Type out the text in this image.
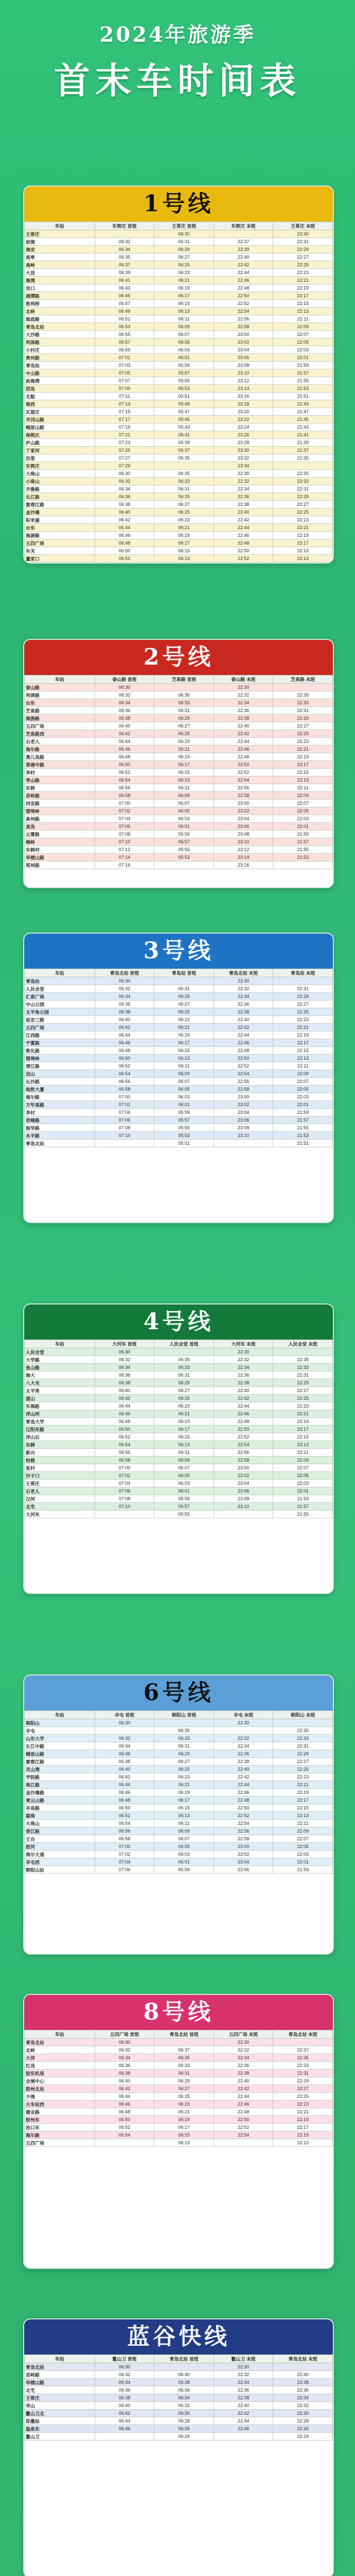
2024年旅游季
首末车时间表
1号线
车站	东郭庄 首班	王哥庄 首班	东郭庄 末班	王哥庄 末班
王哥庄		06:30		22:30
前海	06:32	06:31	22:37	22:31
海安	06:34	06:29	22:39	22:29
流亭	06:35	06:27	22:40	22:27
南岭	06:37	06:25	22:42	22:25
大洼	06:39	06:23	22:44	22:23
海湾	06:41	06:21	22:46	22:21
沧口	06:43	06:19	22:48	22:19
湘潭路	06:45	06:17	22:50	22:17
胜利桥	06:47	06:15	22:52	22:15
北岭	06:49	06:13	22:54	22:13
瑞昌路	06:51	06:11	22:56	22:11
青岛北站	06:53	06:09	22:58	22:09
大沙路	06:55	06:07	23:00	22:07
利津路	06:57	06:05	23:02	22:05
小村庄	06:59	06:03	23:04	22:03
贵州路	07:01	06:01	23:06	22:01
青岛站	07:03	05:59	23:08	21:59
中山路	07:05	05:57	23:10	21:57
前海湾	07:07	05:55	23:12	21:55
团岛	07:09	05:53	23:14	21:53
北船	07:11	05:51	23:16	21:51
海西	07:13	05:49	23:18	21:49
瓦屋庄	07:15	05:47	23:20	21:47
井冈山路	07:17	05:45	23:22	21:45
峨眉山路	07:19	05:43	23:24	21:43
保税区	07:21	05:41	23:26	21:41
庐山路	07:23	05:39	23:28	21:39
丁家河	07:25	05:37	23:30	21:37
泊里	07:27	05:35	23:32	21:35
东郭庄	07:29		23:34	
大珠山	06:30	06:35	22:30	22:35
小珠山	06:32	06:33	22:32	22:33
齐鲁路	06:34	06:31	22:34	22:31
长江路	06:36	06:29	22:36	22:29
富春江路	06:38	06:27	22:38	22:27
金沙滩	06:40	06:25	22:40	22:25
积米崖	06:42	06:23	22:42	22:23
台东	06:44	06:21	22:44	22:21
海游路	06:46	06:19	22:46	22:19
五四广场	06:48	06:17	22:48	22:17
东关	06:50	06:15	22:50	22:15
董家口	06:52	06:13	22:52	22:13
2号线
车站	泰山路 首班	芝泉路 首班	泰山路 末班	芝泉路 末班
泰山路	06:30		22:30	
利津路	06:32	06:35	22:32	22:35
台东	06:34	06:33	22:34	22:33
芝泉路	06:36	06:31	22:36	22:31
海游路	06:38	06:29	22:38	22:29
五四广场	06:40	06:27	22:40	22:27
芝泉路西	06:42	06:25	22:42	22:25
石老人	06:44	06:23	22:44	22:23
海尔路	06:46	06:21	22:46	22:21
燕儿岛路	06:48	06:19	22:48	22:19
香港中路	06:50	06:17	22:50	22:17
李村	06:52	06:15	22:52	22:15
枣山路	06:54	06:13	22:54	22:13
东韩	06:56	06:11	22:56	22:11
苗岭路	06:58	06:09	22:58	22:09
同安路	07:00	06:07	23:00	22:07
错埠岭	07:02	06:05	23:02	22:05
泉州路	07:04	06:03	23:04	22:03
麦岛	07:06	06:01	23:06	22:01
云霄路	07:08	05:59	23:08	21:59
梅岭	07:10	05:57	23:10	21:57
东韩村	07:12	05:55	23:12	21:55
华楼山路	07:14	05:53	23:14	21:53
郑州路	07:16		23:16	
3号线
车站	青岛北站 首班	青岛站 首班	青岛北站 末班	青岛站 末班
青岛站	06:30		22:30	
人民会堂	06:32	06:31	22:32	22:31
汇泉广场	06:34	06:29	22:34	22:29
中山公园	06:36	06:27	22:36	22:27
太平角公园	06:38	06:25	22:38	22:25
延安三路	06:40	06:23	22:40	22:23
五四广场	06:42	06:21	22:42	22:21
江西路	06:44	06:19	22:44	22:19
宁夏路	06:46	06:17	22:46	22:17
敦化路	06:48	06:15	22:48	22:15
错埠岭	06:50	06:13	22:50	22:13
清江路	06:52	06:11	22:52	22:11
双山	06:54	06:09	22:54	22:09
长沙路	06:56	06:07	22:56	22:07
地铁大厦	06:58	06:05	22:58	22:05
海尔路	07:00	06:03	23:00	22:03
万年泉路	07:02	06:01	23:02	22:01
李村	07:04	05:59	23:04	21:59
君峰路	07:06	05:57	23:06	21:57
振华路	07:08	05:55	23:08	21:55
永平路	07:10	05:53	23:10	21:53
青岛北站		05:51		21:51
4号线
车站	大河东 首班	人民会堂 首班	大河东 末班	人民会堂 末班
人民会堂	06:30		22:30	
大学路	06:32	06:35	22:32	22:35
鱼山路	06:34	06:33	22:34	22:33
海大	06:36	06:31	22:36	22:31
八大关	06:38	06:29	22:38	22:29
太平角	06:40	06:27	22:40	22:27
湛山	06:42	06:25	22:42	22:25
东海路	06:44	06:23	22:44	22:23
浮山所	06:46	06:21	22:46	22:21
青岛大学	06:48	06:19	22:48	22:19
辽阳东路	06:50	06:17	22:50	22:17
浮山后	06:52	06:15	22:52	22:15
东韩	06:54	06:13	22:54	22:13
新兴	06:56	06:11	22:56	22:11
枯桃	06:58	06:09	22:58	22:09
张村	07:00	06:07	23:00	22:07
沙子口	07:02	06:05	23:02	22:05
王哥庄	07:04	06:03	23:04	22:03
石老人	07:06	06:01	23:06	22:01
汉河	07:08	05:59	23:08	21:59
北宅	07:10	05:57	23:10	21:57
大河东		05:55		21:55
6号线
车站	辛屯 首班	朝阳山 首班	辛屯 末班	朝阳山 末班
朝阳山	06:30		22:30	
辛屯		06:35		22:35
山东大学	06:32	06:33	22:32	22:33
长江中路	06:34	06:31	22:34	22:31
峨眉山路	06:36	06:29	22:36	22:29
富春江路	06:38	06:27	22:38	22:27
灵山湾	06:40	06:25	22:40	22:25
学院路	06:42	06:23	22:42	22:23
珠江路	06:44	06:21	22:44	22:21
金沙滩路	06:46	06:19	22:46	22:19
青云山路	06:48	06:17	22:48	22:17
辛岛路	06:50	06:15	22:50	22:15
隐珠	06:52	06:13	22:52	22:13
大珠山	06:54	06:11	22:54	22:11
香江路	06:56	06:09	22:56	22:09
王台	06:58	06:07	22:58	22:07
胶河	07:00	06:05	23:00	22:05
海尔大道	07:02	06:03	23:02	22:03
辛屯西	07:04	06:01	23:04	22:01
朝阳山站	07:06	05:59	23:06	21:59
8号线
车站	五四广场 首班	青岛北站 首班	五四广场 末班	青岛北站 末班
青岛北站	06:30		22:30	
北岭	06:32	06:37	22:32	22:37
大洋	06:34	06:35	22:34	22:35
红岛	06:36	06:33	22:36	22:33
胶东机场	06:38	06:31	22:38	22:31
会展中心	06:40	06:29	22:40	22:29
胶州北站	06:42	06:27	22:42	22:27
少海	06:44	06:25	22:44	22:25
火车站西	06:46	06:23	22:46	22:23
建业路	06:48	06:21	22:48	22:21
胶州东	06:50	06:19	22:50	22:19
沧口东	06:52	06:17	22:52	22:17
海尔路	06:54	06:15	22:54	22:15
五四广场		06:13		22:13
蓝谷快线
车站	鳌山卫 首班	青岛北站 首班	鳌山卫 末班	青岛北站 末班
青岛北站	06:30		22:30	
苗岭路	06:32	06:40	22:32	22:40
华楼山路	06:34	06:38	22:34	22:38
北宅	06:36	06:36	22:36	22:36
王哥庄	06:38	06:34	22:38	22:34
华山	06:40	06:32	22:40	22:32
鳌山卫北	06:42	06:30	22:42	22:30
即墨站	06:44	06:28	22:44	22:28
温泉东	06:46	06:26	22:46	22:26
鳌山卫		06:24		22:24
